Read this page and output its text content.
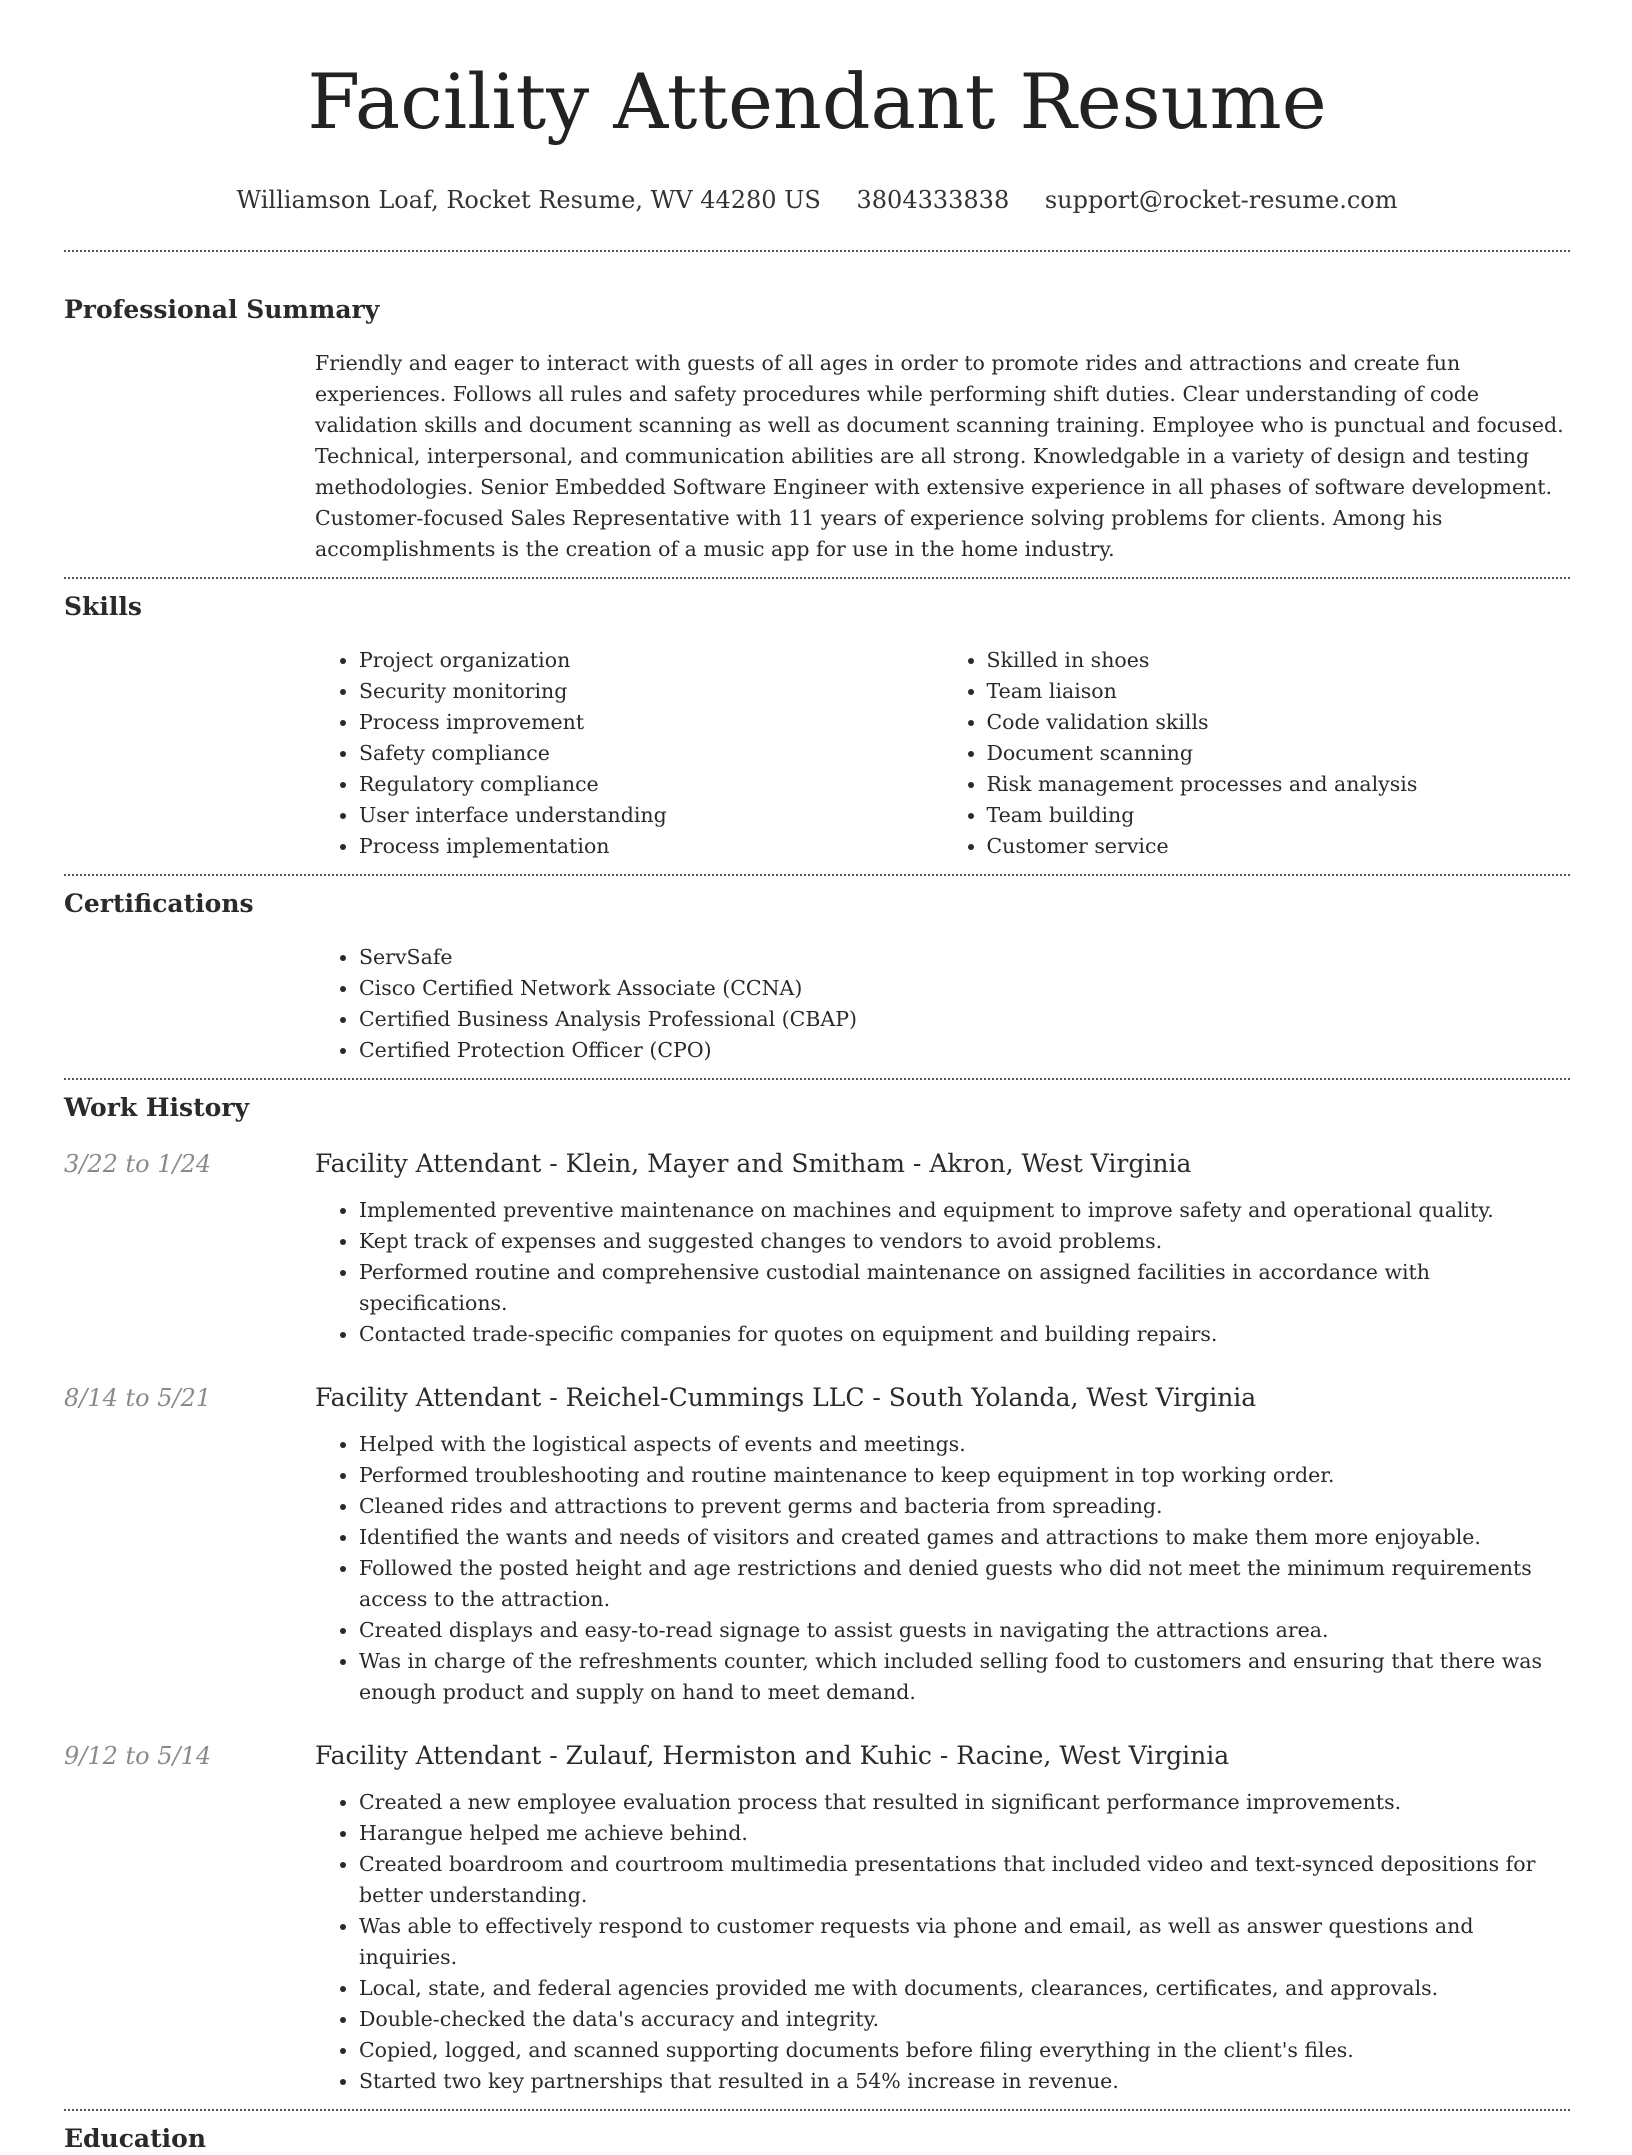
Facility Attendant Resume
Williamson Loaf, Rocket Resume, WV 44280 US 3804333838 support@rocket-resume.com
Professional Summary

Friendly and eager to interact with guests of all ages in order to promote rides and attractions and create fun experiences. Follows all rules and safety procedures while performing shift duties. Clear understanding of code validation skills and document scanning as well as document scanning training. Employee who is punctual and focused. Technical, interpersonal, and communication abilities are all strong. Knowledgable in a variety of design and testing methodologies. Senior Embedded Software Engineer with extensive experience in all phases of software development. Customer-focused Sales Representative with 11 years of experience solving problems for clients. Among his accomplishments is the creation of a music app for use in the home industry.

Skills
• Project organization
• Security monitoring
• Process improvement
• Safety compliance
• Regulatory compliance
• User interface understanding
• Process implementation
• Skilled in shoes
• Team liaison
• Code validation skills
• Document scanning
• Risk management processes and analysis
• Team building
• Customer service
Certifications
• ServSafe
• Cisco Certified Network Associate (CCNA)
• Certified Business Analysis Professional (CBAP)
• Certified Protection Officer (CPO)
Work History
3/22 to 1/24	Facility Attendant - Klein, Mayer and Smitham - Akron, West Virginia
• Implemented preventive maintenance on machines and equipment to improve safety and operational quality.
• Kept track of expenses and suggested changes to vendors to avoid problems.
• Performed routine and comprehensive custodial maintenance on assigned facilities in accordance with specifications.
• Contacted trade-specific companies for quotes on equipment and building repairs.
8/14 to 5/21	Facility Attendant - Reichel-Cummings LLC - South Yolanda, West Virginia
• Helped with the logistical aspects of events and meetings.
• Performed troubleshooting and routine maintenance to keep equipment in top working order.
• Cleaned rides and attractions to prevent germs and bacteria from spreading.
• Identified the wants and needs of visitors and created games and attractions to make them more enjoyable.
• Followed the posted height and age restrictions and denied guests who did not meet the minimum requirements access to the attraction.
• Created displays and easy-to-read signage to assist guests in navigating the attractions area.
• Was in charge of the refreshments counter, which included selling food to customers and ensuring that there was enough product and supply on hand to meet demand.
9/12 to 5/14	Facility Attendant - Zulauf, Hermiston and Kuhic - Racine, West Virginia
• Created a new employee evaluation process that resulted in significant performance improvements.
• Harangue helped me achieve behind.
• Created boardroom and courtroom multimedia presentations that included video and text-synced depositions for better understanding.
• Was able to effectively respond to customer requests via phone and email, as well as answer questions and inquiries.
• Local, state, and federal agencies provided me with documents, clearances, certificates, and approvals.
• Double-checked the data's accuracy and integrity.
• Copied, logged, and scanned supporting documents before filing everything in the client's files.
• Started two key partnerships that resulted in a 54% increase in revenue.
Education
